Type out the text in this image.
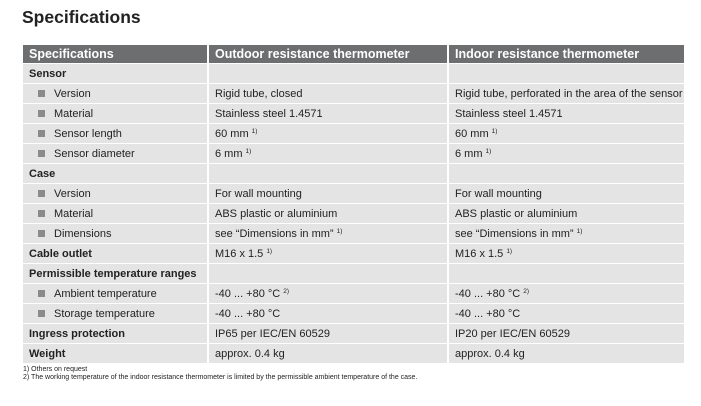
Specifications
Specifications	Outdoor resistance thermometer	Indoor resistance thermometer
Sensor		
Version	Rigid tube, closed	Rigid tube, perforated in the area of the sensor
Material	Stainless steel 1.4571	Stainless steel 1.4571
Sensor length	60 mm $^{1)}$	60 mm $^{1)}$
Sensor diameter	6 mm $^{1)}$	6 mm $^{1)}$
Case		
Version	For wall mounting	For wall mounting
Material	ABS plastic or aluminium	ABS plastic or aluminium
Dimensions	see “Dimensions in mm” $^{1)}$	see “Dimensions in mm” $^{1)}$
Cable outlet	M16 x 1.5 $^{1)}$	M16 x 1.5 $^{1)}$
Permissible temperature ranges		
Ambient temperature	-40 ... +80 °C $^{2)}$	-40 ... +80 °C $^{2)}$
Storage temperature	-40 ... +80 °C	-40 ... +80 °C
Ingress protection	IP65 per IEC/EN 60529	IP20 per IEC/EN 60529
Weight	approx. 0.4 kg	approx. 0.4 kg
1) Others on request
2) The working temperature of the indoor resistance thermometer is limited by the permissible ambient temperature of the case.
